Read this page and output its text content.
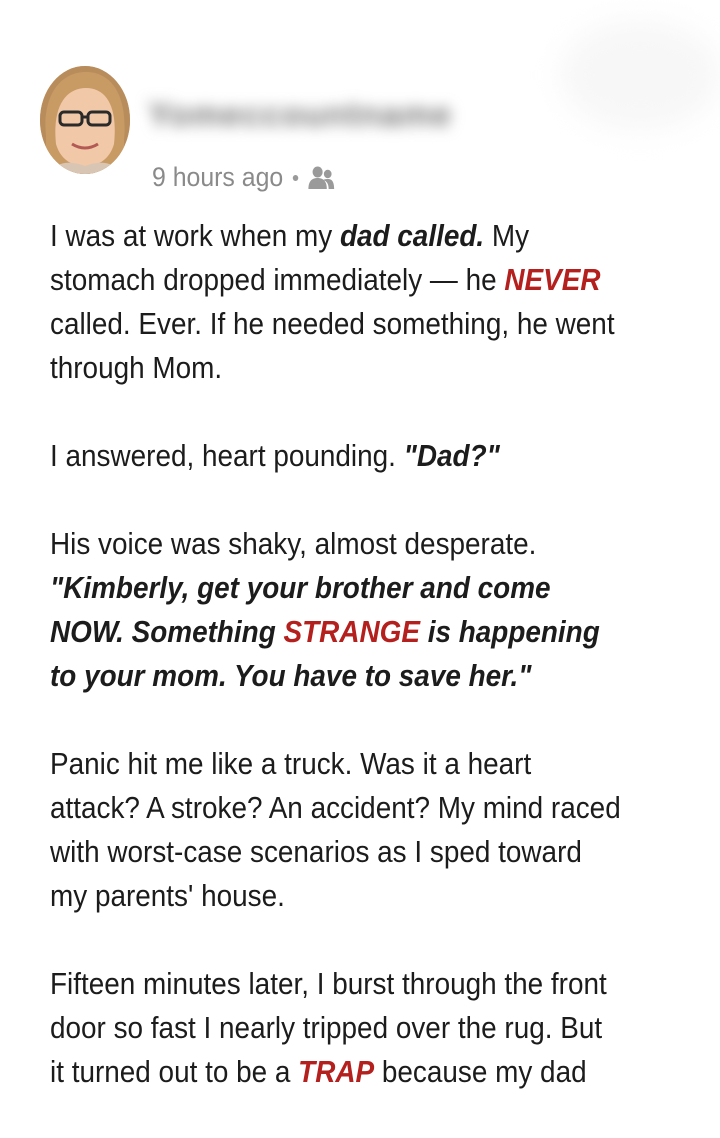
Yomeccountname
9 hours ago

I was at work when my dad called. My
stomach dropped immediately — he NEVER
called. Ever. If he needed something, he went
through Mom.

I answered, heart pounding. "Dad?"

His voice was shaky, almost desperate.
"Kimberly, get your brother and come
NOW. Something STRANGE is happening
to your mom. You have to save her."

Panic hit me like a truck. Was it a heart
attack? A stroke? An accident? My mind raced
with worst-case scenarios as I sped toward
my parents' house.

Fifteen minutes later, I burst through the front
door so fast I nearly tripped over the rug. But
it turned out to be a TRAP because my dad
